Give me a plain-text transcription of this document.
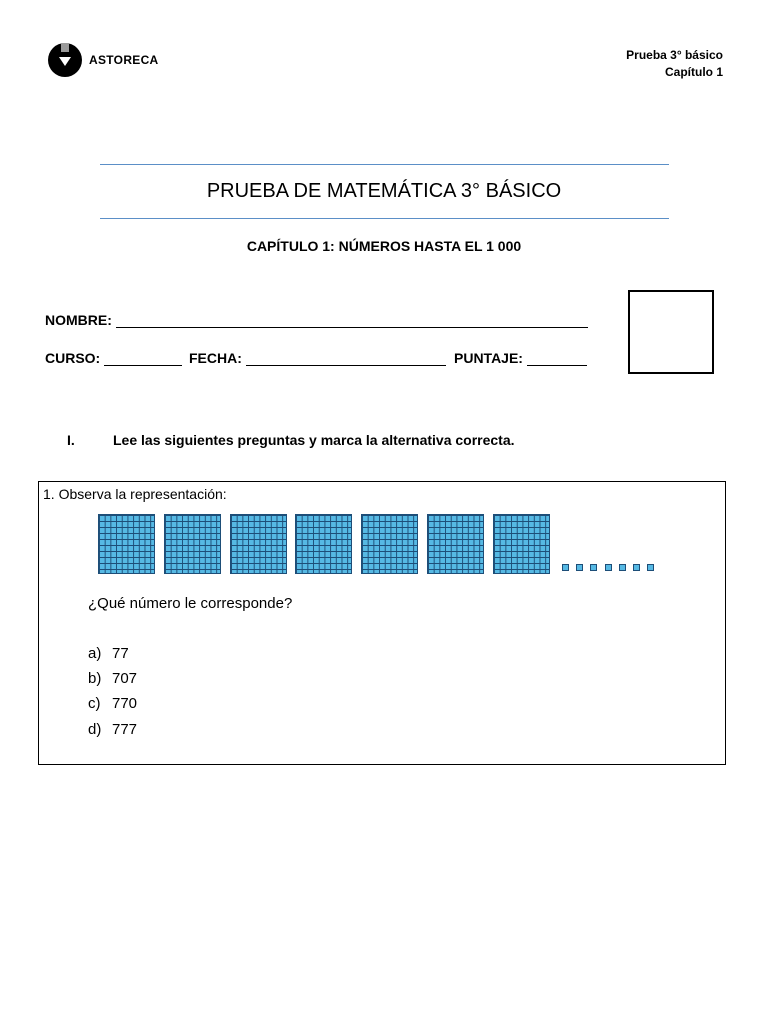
ASTORECA	Prueba 3° básico
Capítulo 1
PRUEBA DE MATEMÁTICA 3° BÁSICO
CAPÍTULO 1: NÚMEROS HASTA EL 1 000
NOMBRE:
CURSO:	FECHA:	PUNTAJE:
I.	Lee las siguientes preguntas y marca la alternativa correcta.
1. Observa la representación:
¿Qué número le corresponde?
a) 77
b) 707
c) 770
d) 777
